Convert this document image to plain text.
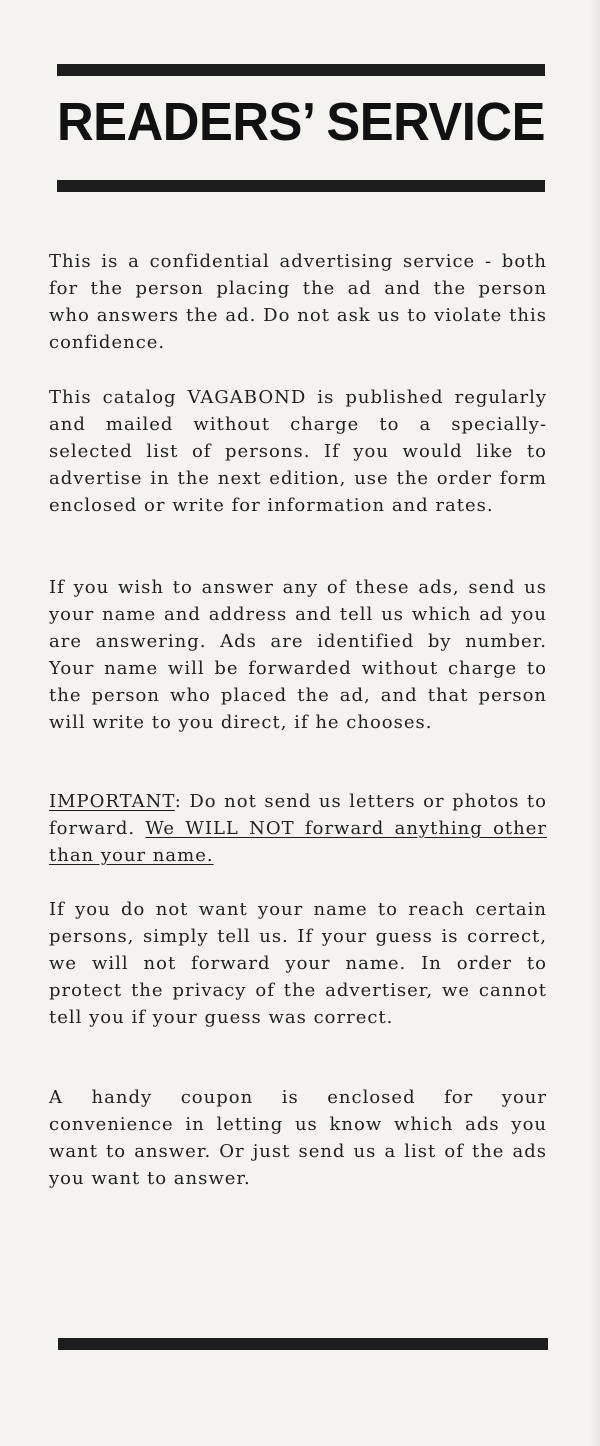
READERS’ SERVICE

This is a confidential advertising service - both for the person placing the ad and the person who answers the ad. Do not ask us to violate this confidence.

This catalog VAGABOND is published regularly and mailed without charge to a specially-selected list of persons. If you would like to advertise in the next edition, use the order form enclosed or write for information and rates.

If you wish to answer any of these ads, send us your name and address and tell us which ad you are answering. Ads are identified by number. Your name will be forwarded without charge to the person who placed the ad, and that person will write to you direct, if he chooses.

IMPORTANT: Do not send us letters or photos to forward. We WILL NOT forward anything other than your name.

If you do not want your name to reach certain persons, simply tell us. If your guess is correct, we will not forward your name. In order to protect the privacy of the advertiser, we cannot tell you if your guess was correct.

A handy coupon is enclosed for your convenience in letting us know which ads you want to answer. Or just send us a list of the ads you want to answer.
